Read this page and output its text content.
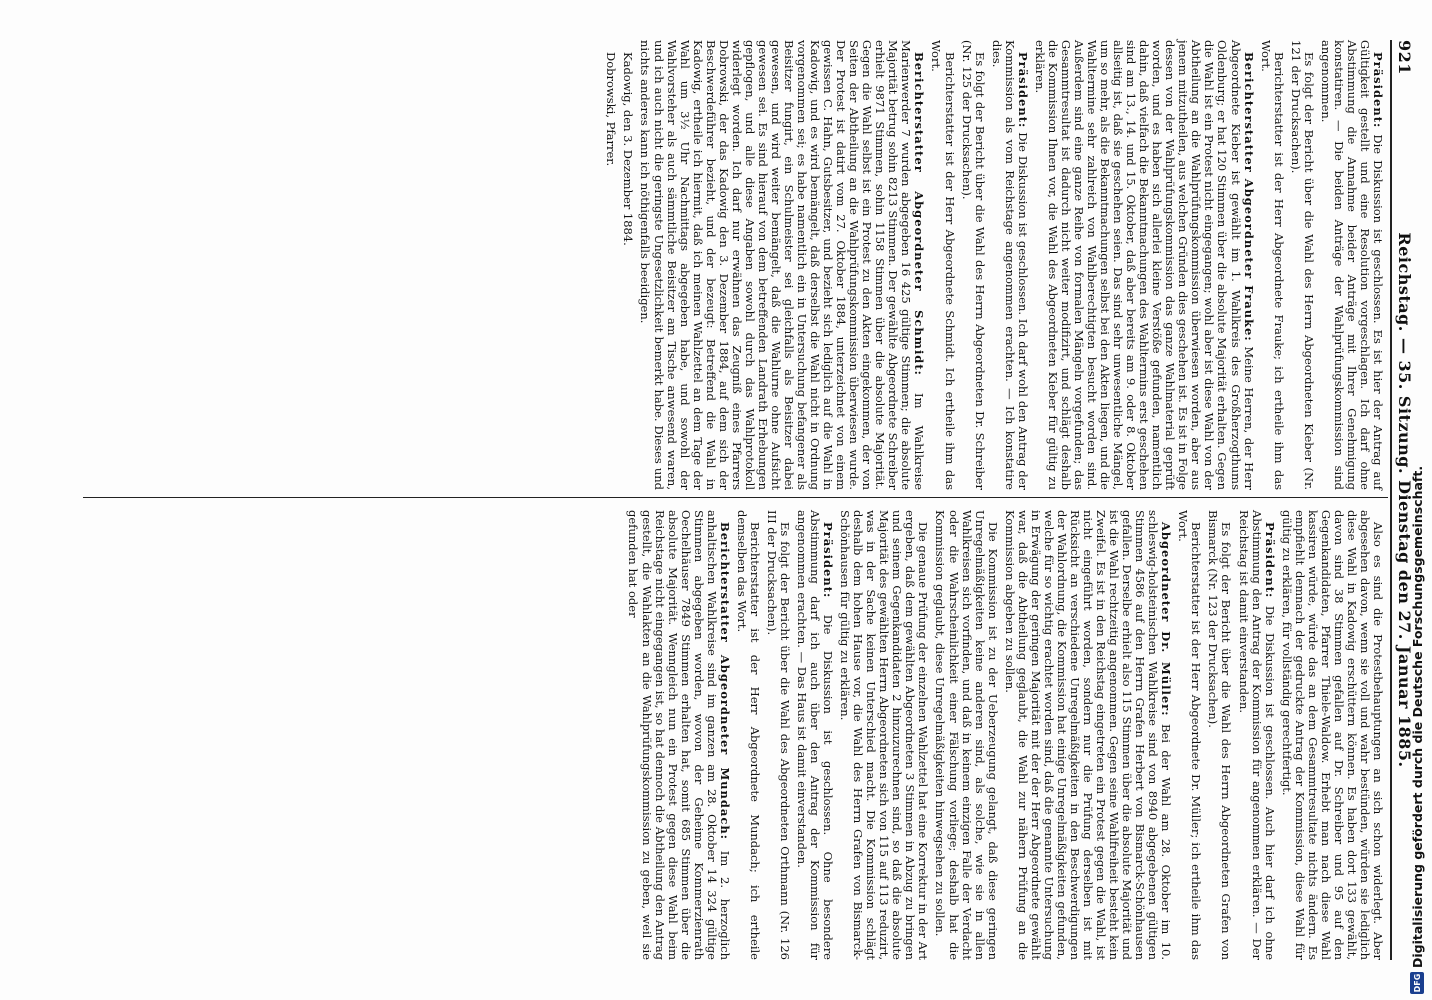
921
Reichstag. — 35. Sitzung. Dienstag den 27. Januar 1885.

Präsident: Die Diskussion ist geschlossen. Es ist hier der Antrag auf Gültigkeit gestellt und eine Resolution vorgeschlagen. Ich darf ohne Abstimmung die Annahme beider Anträge mit Ihrer Genehmigung konstatiren. — Die beiden Anträge der Wahlprüfungskommission sind angenommen.

Es folgt der Bericht über die Wahl des Herrn Abgeordneten Kieber (Nr. 121 der Drucksachen).

Berichterstatter ist der Herr Abgeordnete Frauke; ich ertheile ihm das Wort.

Berichterstatter Abgeordneter Frauke: Meine Herren, der Herr Abgeordnete Kieber ist gewählt im 1. Wahlkreis des Großherzogthums Oldenburg; er hat 120 Stimmen über die absolute Majorität erhalten. Gegen die Wahl ist ein Protest nicht eingegangen; wohl aber ist diese Wahl von der Abtheilung an die Wahlprüfungskommission überwiesen worden, aber aus jenem mitzutheilen, aus welchen Gründen dies geschehen ist. Es ist in Folge dessen von der Wahlprüfungskommission das ganze Wahlmaterial geprüft worden, und es haben sich allerlei kleine Verstöße gefunden, namentlich dahin, daß vielfach die Bekanntmachungen des Wahltermins erst geschehen sind am 13., 14. und 15. Oktober, daß aber bereits am 9. oder 8. Oktober allseitig ist, daß sie geschehen seien. Das sind sehr unwesentliche Mängel, um so mehr, als die Bekanntmachungen selbst bei den Akten liegen, und die Wahltermine sehr zahlreich von Wahlberechtigten besucht worden sind. Außerdem sind eine ganze Reihe von formalen Mängeln vorgefunden; das Gesammtresultat ist dadurch nicht weiter modifizirt, und schlägt deshalb die Kommission Ihnen vor, die Wahl des Abgeordneten Kieber für gültig zu erklären.

Präsident: Die Diskussion ist geschlossen. Ich darf wohl den Antrag der Kommission als vom Reichstage angenommen erachten. — Ich konstatire dies.

Es folgt der Bericht über die Wahl des Herrn Abgeordneten Dr. Schreiber (Nr. 125 der Drucksachen).

Berichterstatter ist der Herr Abgeordnete Schmidt. Ich ertheile ihm das Wort.

Berichterstatter Abgeordneter Schmidt: Im Wahlkreise Marienwerder 7 wurden abgegeben 16 425 gültige Stimmen; die absolute Majorität betrug sohin 8213 Stimmen. Der gewählte Abgeordnete Schreiber erhielt 9871 Stimmen, sohin 1158 Stimmen über die absolute Majorität. Gegen die Wahl selbst ist ein Protest zu den Akten eingekommen, der von Seiten der Abtheilung an die Wahlprüfungskommission überwiesen wurde. Der Protest ist datirt vom 27. Oktober 1884, unterzeichnet von einem gewissen C. Hahn, Gutsbesitzer, und bezieht sich lediglich auf die Wahl in Kadowig, und es wird bemängelt, daß derselbst die Wahl nicht in Ordnung vorgenommen sei; es habe namentlich ein in Untersuchung befangener als Beisitzer fungirt, ein Schulmeister sei gleichfalls als Beisitzer dabei gewesen, und wird weiter bemängelt, daß die Wahlurne ohne Aufsicht gewesen sei. Es sind hierauf von dem betreffenden Landrath Erhebungen gepflogen, und alle diese Angaben sowohl durch das Wahlprotokoll widerlegt worden. Ich darf nur erwähnen das Zeugniß eines Pfarrers Dobrowski, der das Kadowig den 3. Dezember 1884, auf dem sich der Beschwerdeführer bezieht, und der bezeugt: Betreffend die Wahl in Kadowig, ertheile ich hiermit, daß ich meinen Wahlzettel an dem Tage der Wahl um 3½ Uhr Nachmittags abgegeben habe, und sowohl der Wahlvorsteher als auch sämmtliche Beisitzer am Tische anwesend waren, und ich auch nicht die geringste Ungesetzlichkeit bemerkt habe. Dieses und nichts anderes kann ich nöthigenfalls beeidigen.

Kadowig, den 3. Dezember 1884.

Dobrowski, Pfarrer.

Also es sind die Protestbehauptungen an sich schon widerlegt. Aber abgesehen davon, wenn sie voll und wahr bestünden, würden sie lediglich diese Wahl in Kadowig erschüttern können. Es haben dort 133 gewählt, davon sind 38 Stimmen gefallen auf Dr. Schreiber und 95 auf den Gegenkandidaten, Pfarrer Thiele-Waldow. Erhebt man nach diese Wahl kassiren würde, würde das an dem Gesammtresultate nichts ändern. Es empfiehlt demnach der gedruckte Antrag der Kommission, diese Wahl für gültig zu erklären, für vollständig gerechtfertigt.

Präsident: Die Diskussion ist geschlossen. Auch hier darf ich ohne Abstimmung den Antrag der Kommission für angenommen erklären. — Der Reichstag ist damit einverstanden.

Es folgt der Bericht über die Wahl des Herrn Abgeordneten Grafen von Bismarck (Nr. 123 der Drucksachen).

Berichterstatter ist der Herr Abgeordnete Dr. Müller; ich ertheile ihm das Wort.

Abgeordneter Dr. Müller: Bei der Wahl am 28. Oktober im 10. schleswig-holsteinischen Wahlkreise sind von 8940 abgegebenen gültigen Stimmen 4586 auf den Herrn Grafen Herbert von Bismarck-Schönhausen gefallen. Derselbe erhielt also 115 Stimmen über die absolute Majorität und ist die Wahl rechtzeitig angenommen. Gegen seine Wahlfreiheit besteht kein Zweifel. Es ist in den Reichstag eingetreten ein Protest gegen die Wahl, ist nicht eingeführt worden, sondern nur die Prüfung derselben ist mit Rücksicht an verschiedene Unregelmäßigkeiten in den Beschwerdigungen der Wahlordnung, die Kommission hat einige Unregelmäßigkeiten gefunden, welche für so wichtig erachtet worden sind, daß die genannte Untersuchung in Erwägung der geringen Majorität mit der der Herr Abgeordnete gewählt war, daß die Abtheilung geglaubt, die Wahl zur nähern Prüfung an die Kommission abgeben zu sollen.

Die Kommission ist zu der Ueberzeugung gelangt, daß diese geringen Unregelmäßigkeiten keine anderen sind, als solche, wie sie in allen Wahlkreisen sich vorfinden, und daß in keinem einzigen Falle der Verdacht oder die Wahrscheinlichkeit einer Fälschung vorliege; deshalb hat die Kommission geglaubt, diese Unregelmäßigkeiten hinwegsehen zu sollen.

Die genaue Prüfung der einzelnen Wahlzettel hat eine Korrektur in der Art ergeben, daß dem gewählten Abgeordneten 3 Stimmen in Abzug zu bringen und seinem Gegenkandidaten 2 hinzuzurechnen sind, so daß die absolute Majorität des gewählten Herrn Abgeordneten sich von 115 auf 113 reduzirt, was in der Sache keinen Unterschied macht. Die Kommission schlägt deshalb dem hohen Hause vor, die Wahl des Herrn Grafen von Bismarck-Schönhausen für gültig zu erklären.

Präsident: Die Diskussion ist geschlossen. Ohne besondere Abstimmung darf ich auch über den Antrag der Kommission für angenommen erachten. — Das Haus ist damit einverstanden.

Es folgt der Bericht über die Wahl des Abgeordneten Orthmann (Nr. 126 III der Drucksachen).

Berichterstatter ist der Herr Abgeordnete Mundach; ich ertheile demselben das Wort.

Berichterstatter Abgeordneter Mundach: Im 2. herzoglich anhaltischen Wahlkreise sind im ganzen am 28. Oktober 14 324 gültige Stimmen abgegeben worden, wovon der Geheime Kommerzienrath Oechelhäuser 7849 Stimmen erhalten hat, somit 685 Stimmen über die absolute Majorität. Wenngleich nun ein Protest gegen diese Wahl beim Reichstage nicht eingegangen ist, so hat dennoch die Abtheilung den Antrag gestellt, die Wahlakten an die Wahlprüfungskommission zu geben, weil sie gefunden hat oder

DFG
Digitalisierung gefördert durch die Deutsche Forschungsgemeinschaft.
